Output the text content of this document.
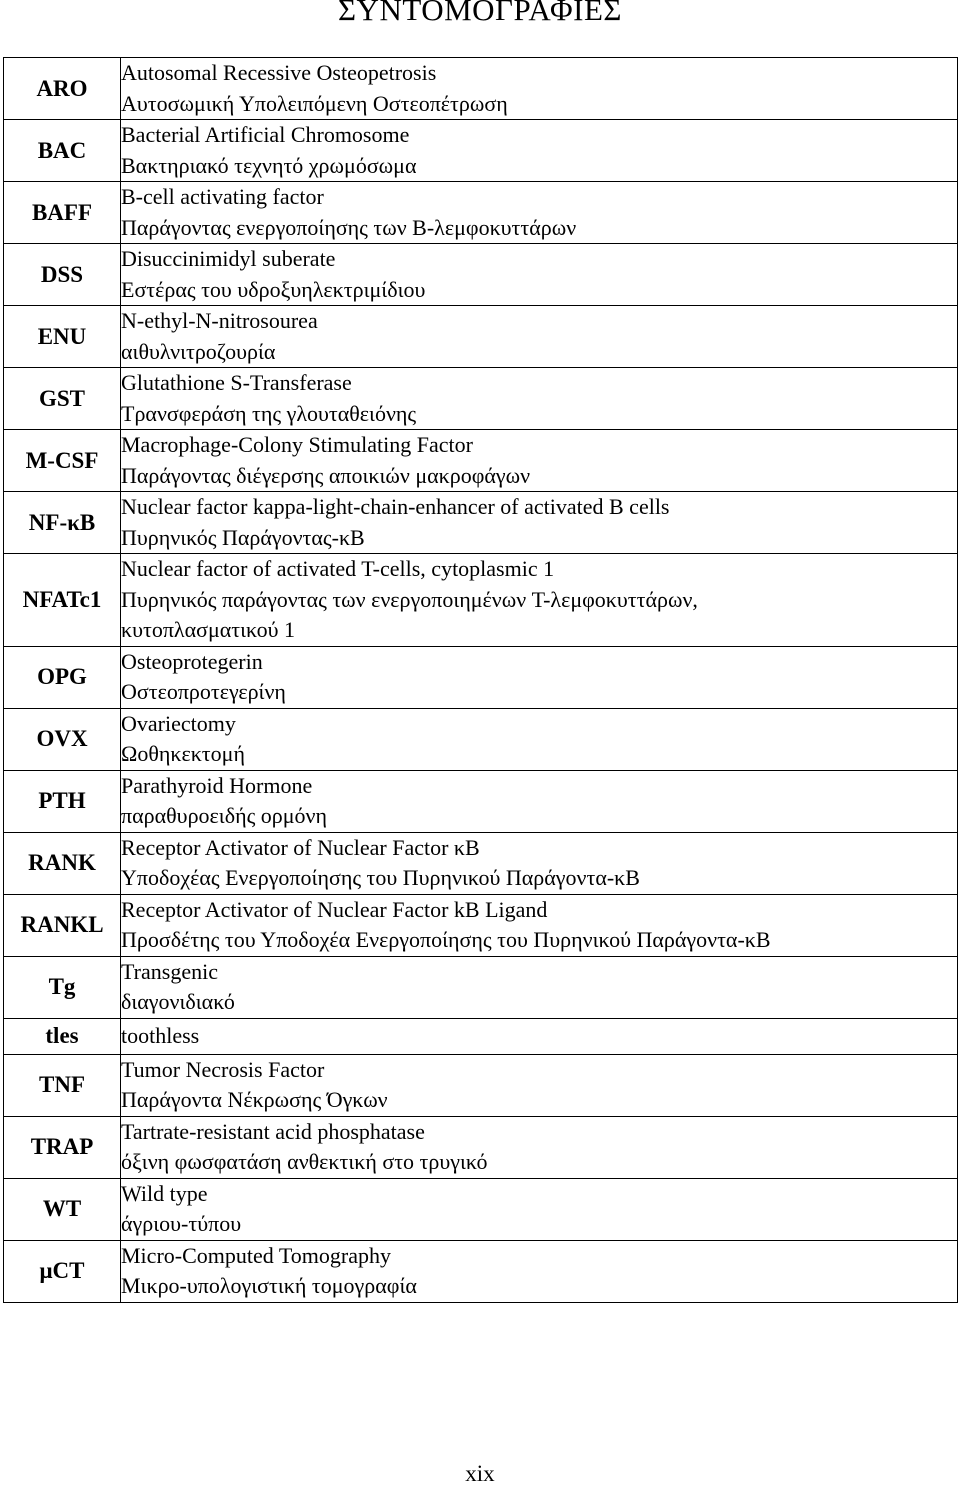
ΣΥΝΤΟΜΟΓΡΑΦΙΕΣ
ARO	Autosomal Recessive Osteopetrosis
Αυτοσωμική Υπολειπόμενη Οστεοπέτρωση

BAC	Bacterial Artificial Chromosome
Βακτηριακό τεχνητό χρωμόσωμα

BAFF	B-cell activating factor
Παράγοντας ενεργοποίησης των B-λεμφοκυττάρων

DSS	Disuccinimidyl suberate
Εστέρας του υδροξυηλεκτριμίδιου

ENU	N-ethyl-N-nitrosourea
αιθυλνιτροζουρία

GST	Glutathione S-Transferase
Τρανσφεράση της γλουταθειόνης

M-CSF	Macrophage-Colony Stimulating Factor
Παράγοντας διέγερσης αποικιών μακροφάγων

NF-κB	Nuclear factor kappa-light-chain-enhancer of activated B cells
Πυρηνικός Παράγοντας-κB

NFATc1	Nuclear factor of activated T-cells, cytoplasmic 1
Πυρηνικός παράγοντας των ενεργοποιημένων T-λεμφοκυττάρων,
κυτοπλασματικού 1

OPG	Osteoprotegerin
Οστεοπροτεγερίνη

OVX	Ovariectomy
Ωοθηκεκτομή

PTH	Parathyroid Hormone
παραθυροειδής ορμόνη

RANK	Receptor Activator of Nuclear Factor κB
Υποδοχέας Ενεργοποίησης του Πυρηνικού Παράγοντα-κB

RANKL	Receptor Activator of Nuclear Factor kB Ligand
Προσδέτης του Υποδοχέα Ενεργοποίησης του Πυρηνικού Παράγοντα-κB

Tg	Transgenic
διαγονιδιακό

tles	toothless

TNF	Tumor Necrosis Factor
Παράγοντα Νέκρωσης Όγκων

TRAP	Tartrate-resistant acid phosphatase
όξινη φωσφατάση ανθεκτική στο τρυγικό

WT	Wild type
άγριου-τύπου

μCT	Micro-Computed Tomography
Μικρο-υπολογιστική τομογραφία
xix
